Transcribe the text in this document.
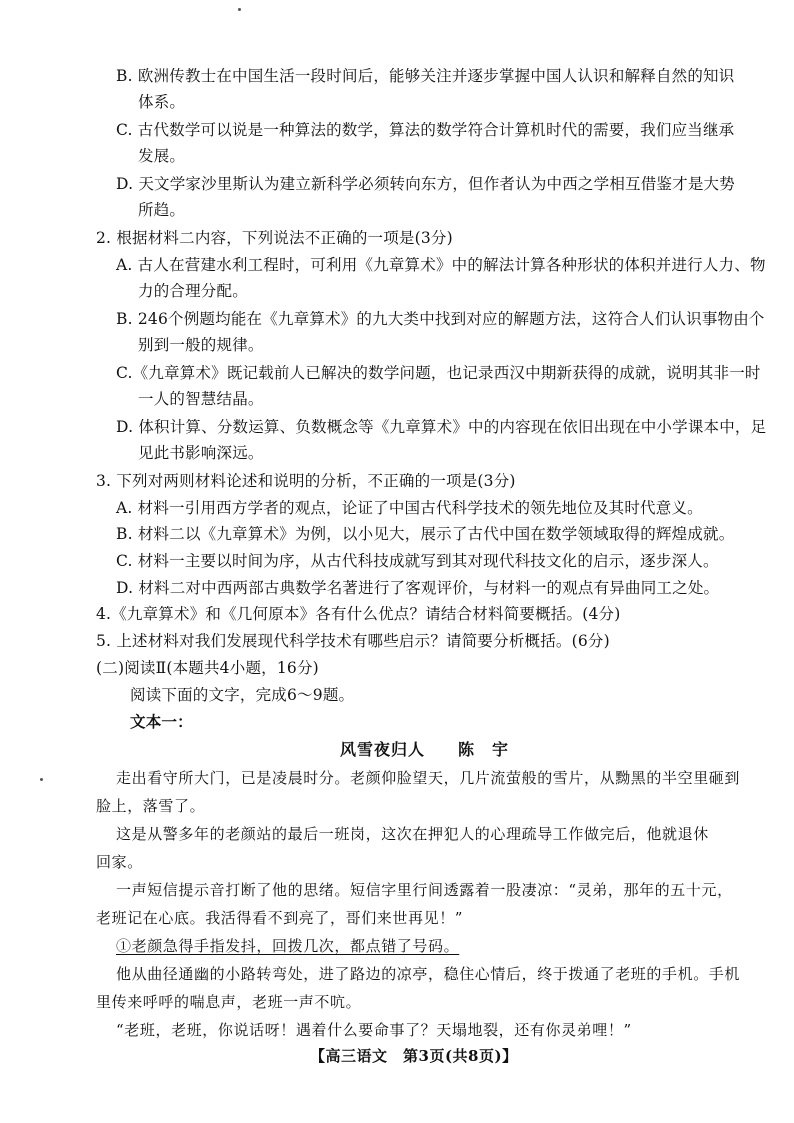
B. 欧洲传教士在中国生活一段时间后，能够关注并逐步掌握中国人认识和解释自然的知识
体系。
C. 古代数学可以说是一种算法的数学，算法的数学符合计算机时代的需要，我们应当继承
发展。
D. 天文学家沙里斯认为建立新科学必须转向东方，但作者认为中西之学相互借鉴才是大势
所趋。
2. 根据材料二内容，下列说法不正确的一项是(3分)
A. 古人在营建水利工程时，可利用《九章算术》中的解法计算各种形状的体积并进行人力、物
力的合理分配。
B. 246个例题均能在《九章算术》的九大类中找到对应的解题方法，这符合人们认识事物由个
别到一般的规律。
C.《九章算术》既记载前人已解决的数学问题，也记录西汉中期新获得的成就，说明其非一时
一人的智慧结晶。
D. 体积计算、分数运算、负数概念等《九章算术》中的内容现在依旧出现在中小学课本中，足
见此书影响深远。
3. 下列对两则材料论述和说明的分析，不正确的一项是(3分)
A. 材料一引用西方学者的观点，论证了中国古代科学技术的领先地位及其时代意义。
B. 材料二以《九章算术》为例，以小见大，展示了古代中国在数学领域取得的辉煌成就。
C. 材料一主要以时间为序，从古代科技成就写到其对现代科技文化的启示，逐步深人。
D. 材料二对中西两部古典数学名著进行了客观评价，与材料一的观点有异曲同工之处。
4.《九章算术》和《几何原本》各有什么优点？请结合材料简要概括。(4分)
5. 上述材料对我们发展现代科学技术有哪些启示？请简要分析概括。(6分)
(二)阅读Ⅱ(本题共4小题，16分)
阅读下面的文字，完成6～9题。
文本一：
风雪夜归人 陈　宇
走出看守所大门，已是凌晨时分。老颜仰脸望天，几片流萤般的雪片，从黝黑的半空里砸到
脸上，落雪了。
这是从警多年的老颜站的最后一班岗，这次在押犯人的心理疏导工作做完后，他就退休
回家。
一声短信提示音打断了他的思绪。短信字里行间透露着一股凄凉：“灵弟，那年的五十元，
老班记在心底。我活得看不到亮了，哥们来世再见！”
①老颜急得手指发抖，回拨几次，都点错了号码。
他从曲径通幽的小路转弯处，进了路边的凉亭，稳住心情后，终于拨通了老班的手机。手机
里传来呼呼的喘息声，老班一声不吭。
“老班，老班，你说话呀！遇着什么要命事了？天塌地裂，还有你灵弟哩！”
【高三语文　第3页(共8页)】
